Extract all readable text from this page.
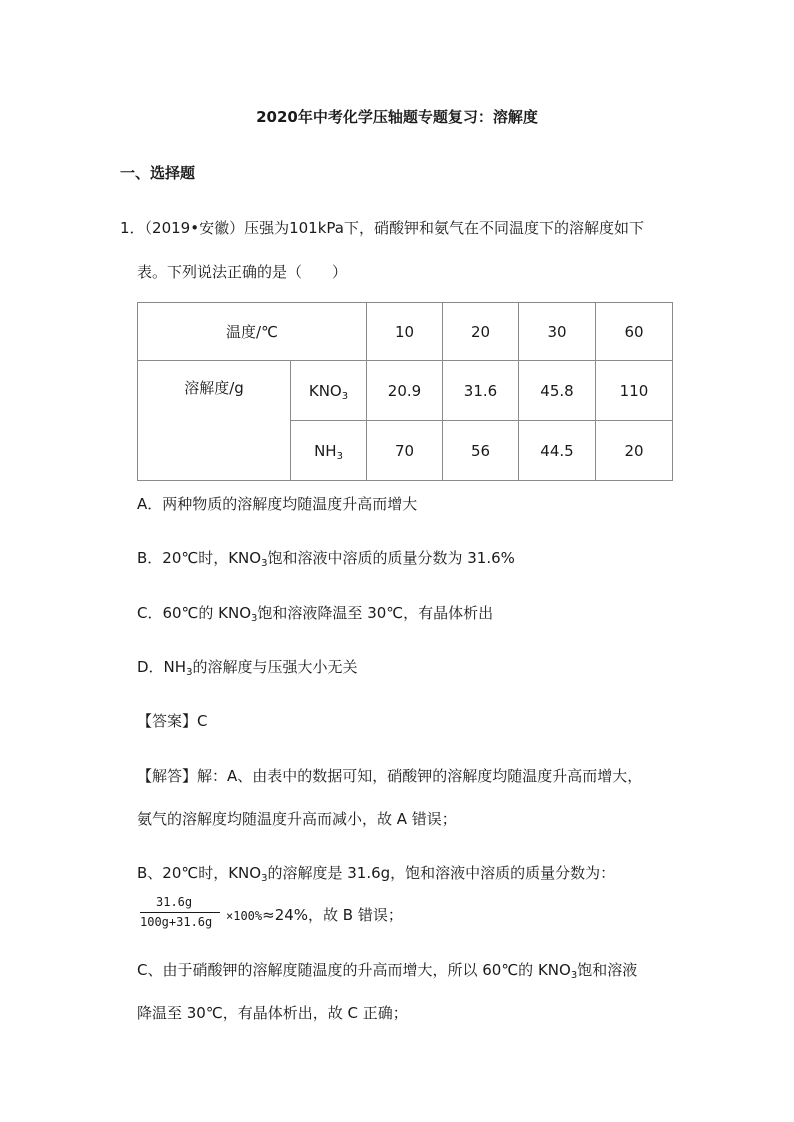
2020年中考化学压轴题专题复习：溶解度
一、选择题
1．（2019•安徽）压强为101kPa下，硝酸钾和氨气在不同温度下的溶解度如下
表。下列说法正确的是（　　）
温度/℃		10	20	30	60
溶解度/g	$KNO_3$	20.9	31.6	45.8	110
	$NH_3$	70	56	44.5	20
A．两种物质的溶解度均随温度升高而增大
B．20℃时，$KNO_3$饱和溶液中溶质的质量分数为 31.6%
C．60℃的 $KNO_3$饱和溶液降温至 30℃，有晶体析出
D．$NH_3$的溶解度与压强大小无关
【答案】C
【解答】解：A、由表中的数据可知，硝酸钾的溶解度均随温度升高而增大，
氨气的溶解度均随温度升高而减小，故 A 错误；
B、20℃时，$KNO_3$的溶解度是 31.6g，饱和溶液中溶质的质量分数为：
31.6g
100g+31.6g ×100%≈24%，故 B 错误；
C、由于硝酸钾的溶解度随温度的升高而增大，所以 60℃的 $KNO_3$饱和溶液
降温至 30℃，有晶体析出，故 C 正确；
